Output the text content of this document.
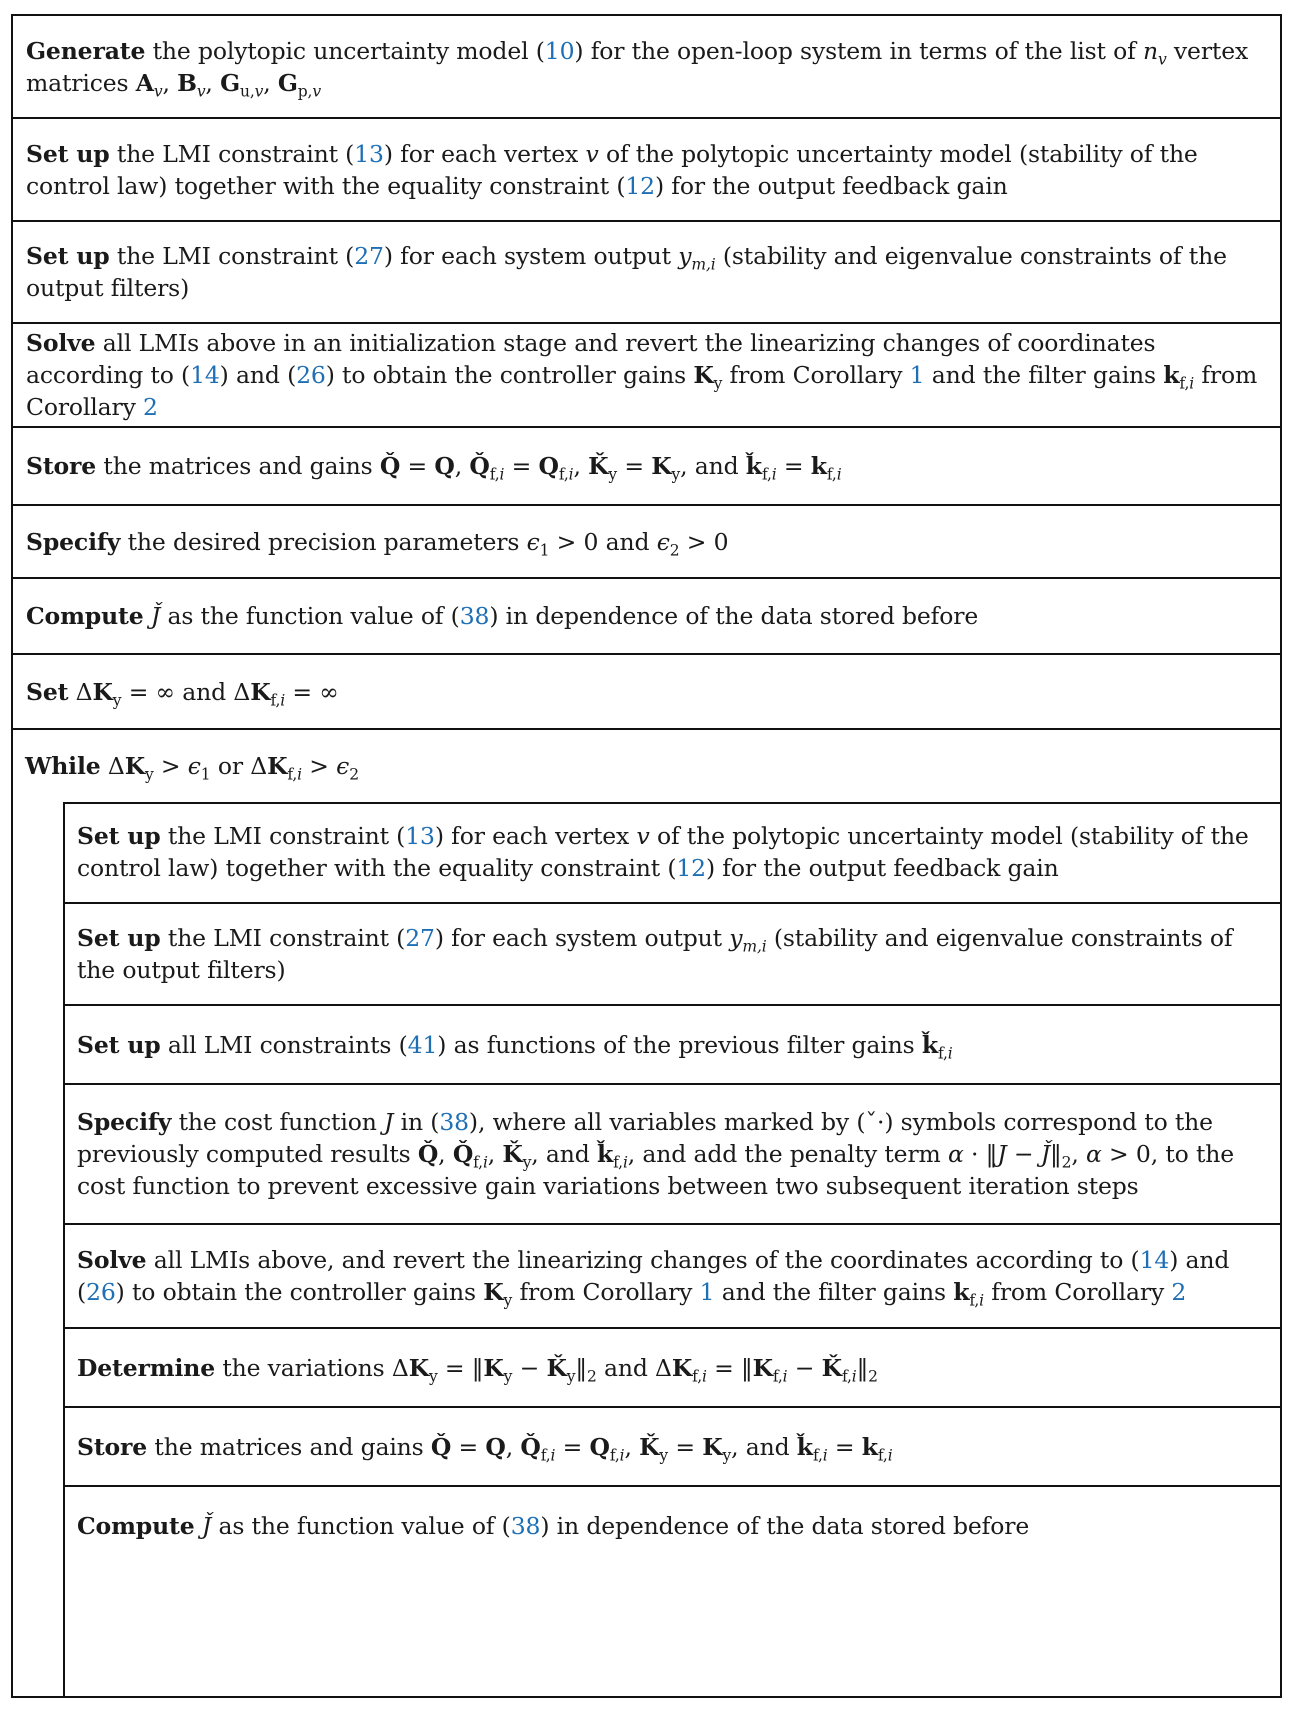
Generate the polytopic uncertainty model (10) for the open-loop system in terms of the list of $n_v$ vertex matrices $A_v$, $B_v$, $G_{u,v}$, $G_{p,v}$
Set up the LMI constraint (13) for each vertex v of the polytopic uncertainty model (stability of the control law) together with the equality constraint (12) for the output feedback gain
Set up the LMI constraint (27) for each system output $y_{m,i}$ (stability and eigenvalue constraints of the output filters)
Solve all LMIs above in an initialization stage and revert the linearizing changes of coordinates according to (14) and (26) to obtain the controller gains $K_y$ from Corollary 1 and the filter gains $k_{f,i}$ from Corollary 2
Store the matrices and gains Q̌ = Q, $Q̌_{f,i} = Q_{f,i}$, $Ǩ_y = K_y$, and $ǩ_{f,i} = k_{f,i}$
Specify the desired precision parameters $\epsilon_1 > 0$ and $\epsilon_2 > 0$
Compute J̌ as the function value of (38) in dependence of the data stored before
Set $\Delta K_y$ = ∞ and $\Delta K_{f,i}$ = ∞
While $\Delta K_y > \epsilon_1$ or $\Delta K_{f,i} > \epsilon_2$
Set up the LMI constraint (13) for each vertex v of the polytopic uncertainty model (stability of the control law) together with the equality constraint (12) for the output feedback gain
Set up the LMI constraint (27) for each system output $y_{m,i}$ (stability and eigenvalue constraints of the output filters)
Set up all LMI constraints (41) as functions of the previous filter gains $ǩ_{f,i}$
Specify the cost function J in (38), where all variables marked by (ˇ·) symbols correspond to the previously computed results Q̌, $Q̌_{f,i}$, $Ǩ_y$, and $ǩ_{f,i}$, and add the penalty term α · ‖J − $J̌‖_2$, α > 0, to the cost function to prevent excessive gain variations between two subsequent iteration steps
Solve all LMIs above, and revert the linearizing changes of the coordinates according to (14) and (26) to obtain the controller gains $K_y$ from Corollary 1 and the filter gains $k_{f,i}$ from Corollary 2
Determine the variations $\Delta K_y$ = $‖K_y$ − $Ǩ_y‖_2$ and $\Delta K_{f,i}$ = $‖K_{f,i}$ − $Ǩ_{f,i}‖_2$
Store the matrices and gains Q̌ = Q, $Q̌_{f,i} = Q_{f,i}$, $Ǩ_y = K_y$, and $ǩ_{f,i} = k_{f,i}$
Compute J̌ as the function value of (38) in dependence of the data stored before
